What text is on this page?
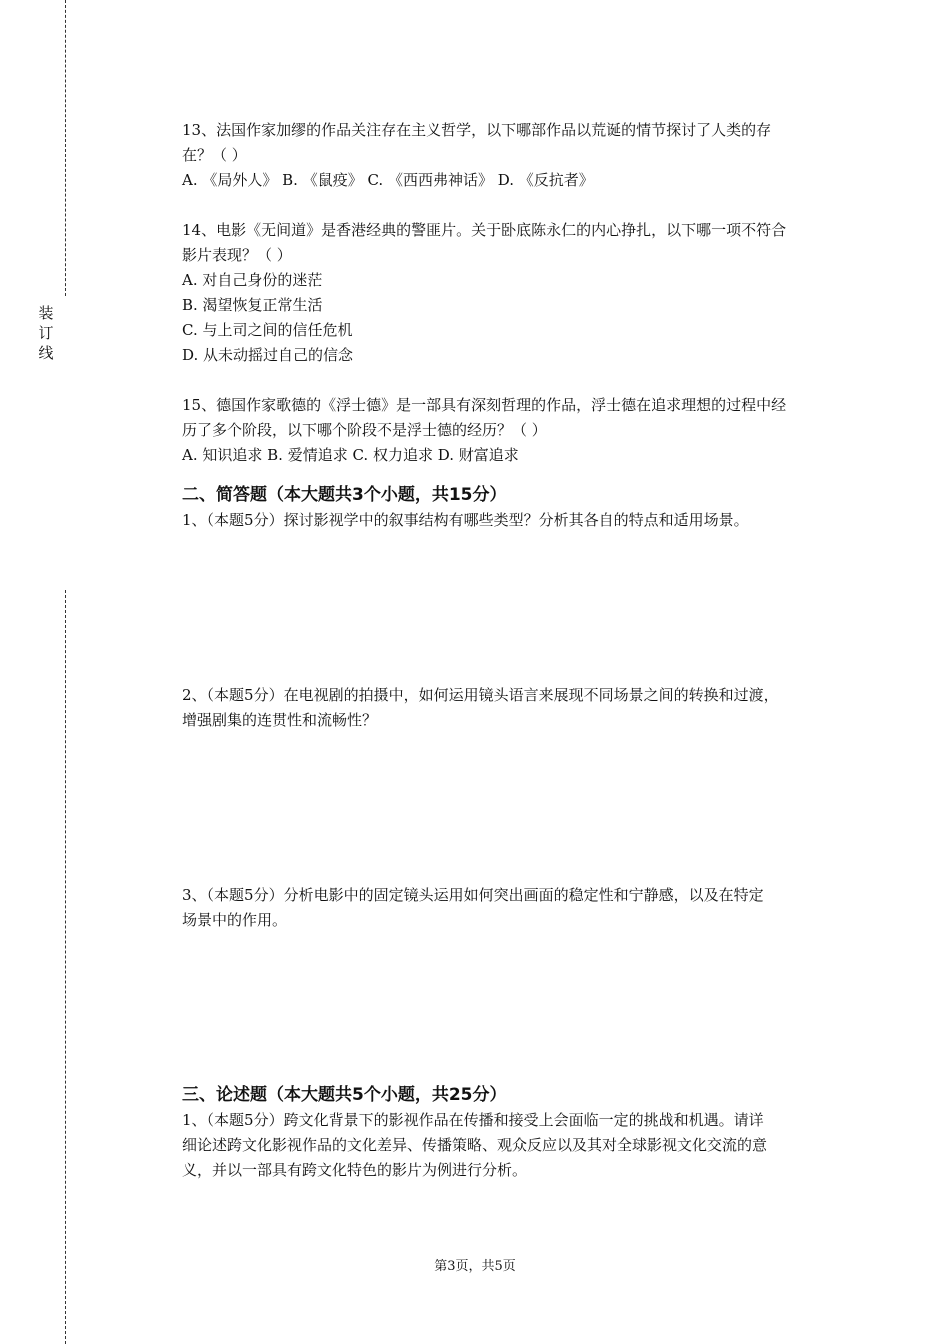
装
订
线

13、法国作家加缪的作品关注存在主义哲学，以下哪部作品以荒诞的情节探讨了人类的存

在？（ ）

A. 《局外人》 B. 《鼠疫》 C. 《西西弗神话》 D. 《反抗者》

14、电影《无间道》是香港经典的警匪片。关于卧底陈永仁的内心挣扎，以下哪一项不符合

影片表现？（ ）

A. 对自己身份的迷茫

B. 渴望恢复正常生活

C. 与上司之间的信任危机

D. 从未动摇过自己的信念

15、德国作家歌德的《浮士德》是一部具有深刻哲理的作品，浮士德在追求理想的过程中经

历了多个阶段，以下哪个阶段不是浮士德的经历？（ ）

A. 知识追求 B. 爱情追求 C. 权力追求 D. 财富追求

二、简答题（本大题共3个小题，共15分）

1、（本题5分）探讨影视学中的叙事结构有哪些类型？分析其各自的特点和适用场景。

2、（本题5分）在电视剧的拍摄中，如何运用镜头语言来展现不同场景之间的转换和过渡，

增强剧集的连贯性和流畅性？

3、（本题5分）分析电影中的固定镜头运用如何突出画面的稳定性和宁静感，以及在特定

场景中的作用。

三、论述题（本大题共5个小题，共25分）

1、（本题5分）跨文化背景下的影视作品在传播和接受上会面临一定的挑战和机遇。请详

细论述跨文化影视作品的文化差异、传播策略、观众反应以及其对全球影视文化交流的意

义，并以一部具有跨文化特色的影片为例进行分析。

第3页，共5页
